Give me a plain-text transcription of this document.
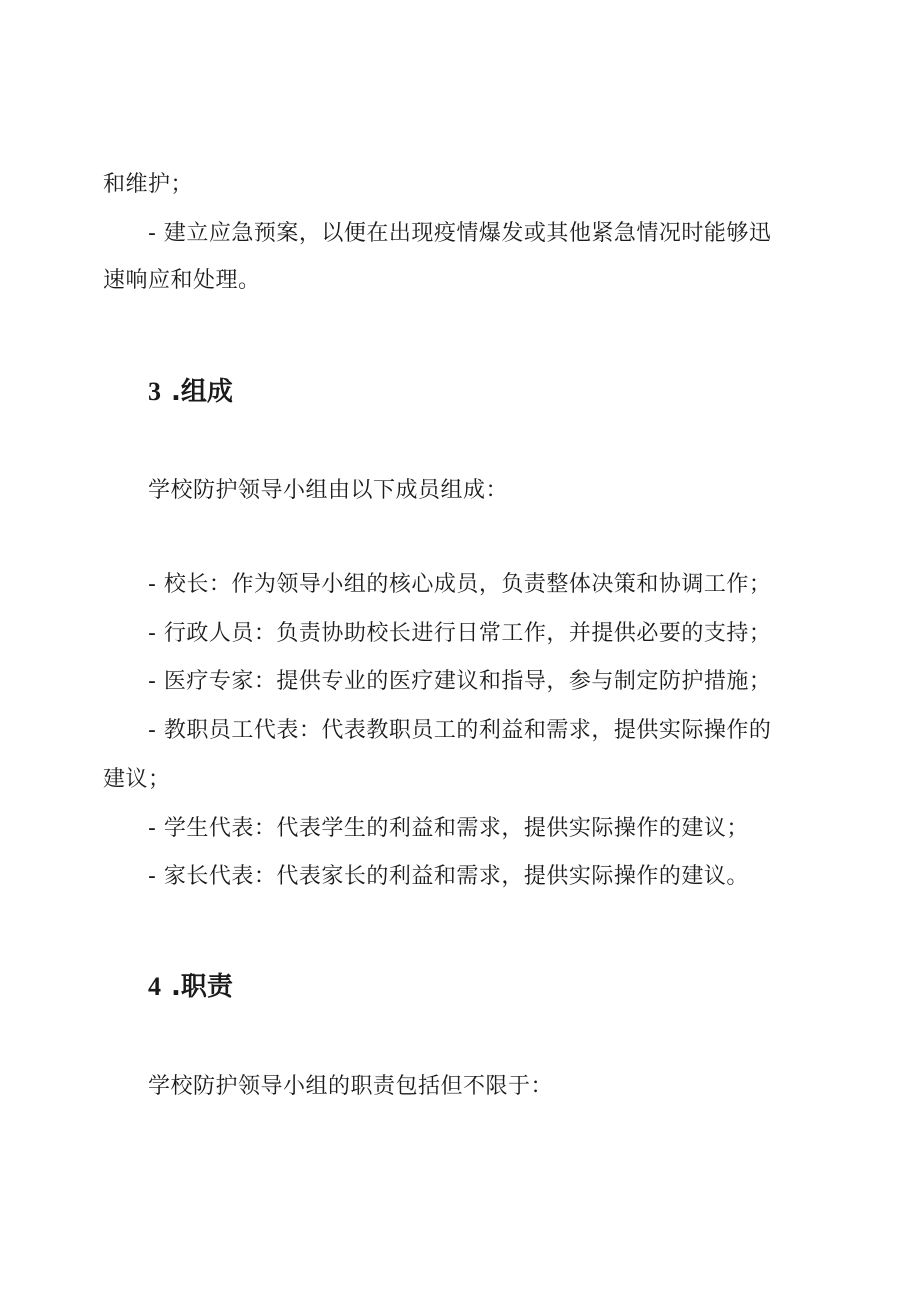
和维护；
- 建立应急预案，以便在出现疫情爆发或其他紧急情况时能够迅
速响应和处理。
3 .组成
学校防护领导小组由以下成员组成：
- 校长：作为领导小组的核心成员，负责整体决策和协调工作；
- 行政人员：负责协助校长进行日常工作，并提供必要的支持；
- 医疗专家：提供专业的医疗建议和指导，参与制定防护措施；
- 教职员工代表：代表教职员工的利益和需求，提供实际操作的
建议；
- 学生代表：代表学生的利益和需求，提供实际操作的建议；
- 家长代表：代表家长的利益和需求，提供实际操作的建议。
4 .职责
学校防护领导小组的职责包括但不限于：
